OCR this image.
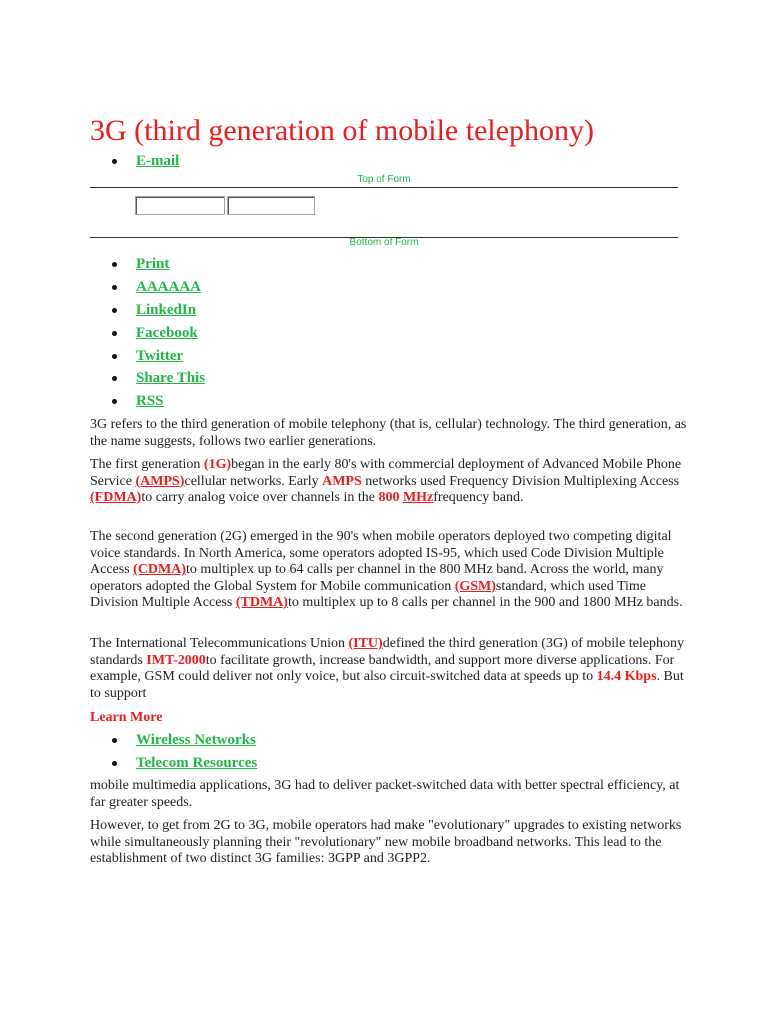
3G (third generation of mobile telephony)
E-mail
Top of Form
Bottom of Form
Print
AAAAAA
LinkedIn
Facebook
Twitter
Share This
RSS

3G refers to the third generation of mobile telephony (that is, cellular) technology. The third generation, as the name suggests, follows two earlier generations.

The first generation (1G)began in the early 80's with commercial deployment of Advanced Mobile Phone Service (AMPS)cellular networks. Early AMPS networks used Frequency Division Multiplexing Access (FDMA)to carry analog voice over channels in the 800 MHzfrequency band.

The second generation (2G) emerged in the 90's when mobile operators deployed two competing digital voice standards. In North America, some operators adopted IS-95, which used Code Division Multiple Access (CDMA)to multiplex up to 64 calls per channel in the 800 MHz band. Across the world, many operators adopted the Global System for Mobile communication (GSM)standard, which used Time Division Multiple Access (TDMA)to multiplex up to 8 calls per channel in the 900 and 1800 MHz bands.

The International Telecommunications Union (ITU)defined the third generation (3G) of mobile telephony standards IMT-2000to facilitate growth, increase bandwidth, and support more diverse applications. For example, GSM could deliver not only voice, but also circuit-switched data at speeds up to 14.4 Kbps. But to support

Learn More
Wireless Networks
Telecom Resources

mobile multimedia applications, 3G had to deliver packet-switched data with better spectral efficiency, at far greater speeds.

However, to get from 2G to 3G, mobile operators had make "evolutionary" upgrades to existing networks while simultaneously planning their "revolutionary" new mobile broadband networks. This lead to the establishment of two distinct 3G families: 3GPP and 3GPP2.
